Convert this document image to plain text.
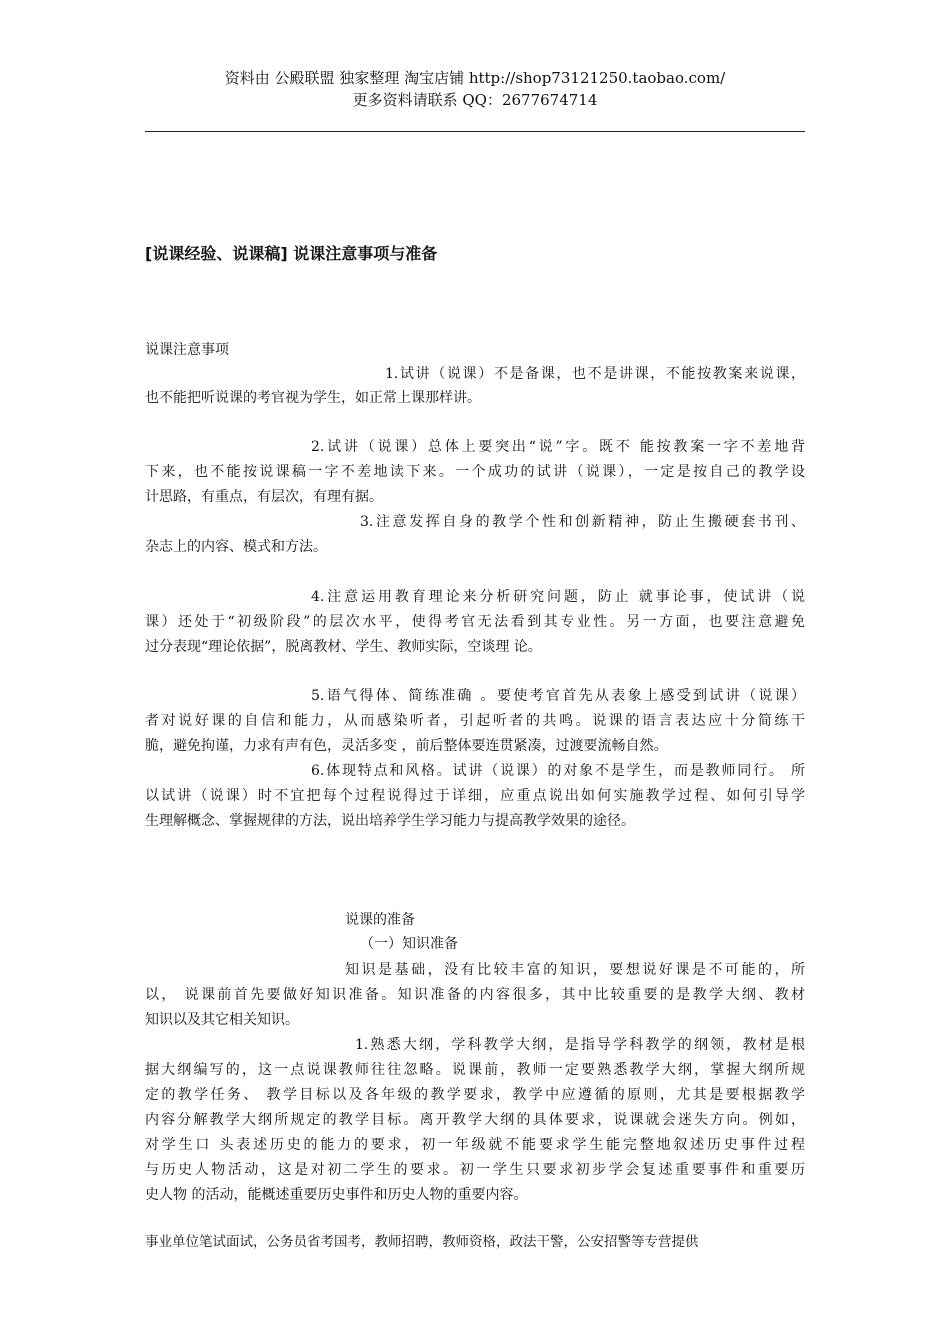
资料由 公殿联盟 独家整理 淘宝店铺 http://shop73121250.taobao.com/
更多资料请联系 QQ：2677674714
[说课经验、说课稿] 说课注意事项与准备
说课注意事项
1.试讲（说课）不是备课，也不是讲课，不能按教案来说课，
也不能把听说课的考官视为学生，如正常上课那样讲。
2.试讲（说课）总体上要突出“说”字。既不 能按教案一字不差地背
下来，也不能按说课稿一字不差地读下来。一个成功的试讲（说课），一定是按自己的教学设
计思路，有重点，有层次，有理有据。
3.注意发挥自身的教学个性和创新精神，防止生搬硬套书刊、
杂志上的内容、模式和方法。
4.注意运用教育理论来分析研究问题，防止 就事论事，使试讲（说
课）还处于“初级阶段”的层次水平，使得考官无法看到其专业性。另一方面，也要注意避免
过分表现“理论依据”，脱离教材、学生、教师实际，空谈理 论。
5.语气得体、简练准确 。要使考官首先从表象上感受到试讲（说课）
者对说好课的自信和能力，从而感染听者，引起听者的共鸣。说课的语言表达应十分简练干
脆，避免拘谨，力求有声有色，灵活多变 ，前后整体要连贯紧凑，过渡要流畅自然。
6.体现特点和风格。试讲（说课）的对象不是学生，而是教师同行。 所
以试讲（说课）时不宜把每个过程说得过于详细，应重点说出如何实施教学过程、如何引导学
生理解概念、掌握规律的方法，说出培养学生学习能力与提高教学效果的途径。
说课的准备
（一）知识准备
知识是基础，没有比较丰富的知识，要想说好课是不可能的，所
以， 说课前首先要做好知识准备。知识准备的内容很多，其中比较重要的是教学大纲、教材
知识以及其它相关知识。
1.熟悉大纲，学科教学大纲，是指导学科教学的纲领，教材是根
据大纲编写的，这一点说课教师往往忽略。说课前，教师一定要熟悉教学大纲，掌握大纲所规
定的教学任务、 教学目标以及各年级的教学要求，教学中应遵循的原则，尤其是要根据教学
内容分解教学大纲所规定的教学目标。离开教学大纲的具体要求，说课就会迷失方向。例如，
对学生口 头表述历史的能力的要求，初一年级就不能要求学生能完整地叙述历史事件过程
与历史人物活动，这是对初二学生的要求。初一学生只要求初步学会复述重要事件和重要历
史人物 的活动，能概述重要历史事件和历史人物的重要内容。
事业单位笔试面试，公务员省考国考，教师招聘，教师资格，政法干警，公安招警等专营提供
